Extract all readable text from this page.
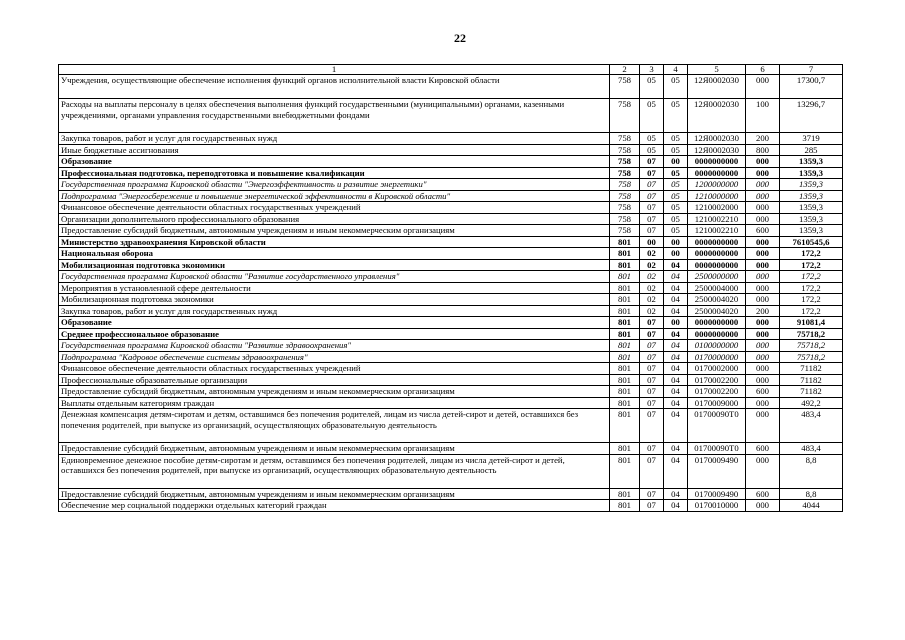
22
1	2	3	4	5	6	7
Учреждения, осуществляющие обеспечение исполнения функций органов исполнительной власти Кировской области	758	05	05	12Я0002030	000	17300,7
Расходы на выплаты персоналу в целях обеспечения выполнения функций государственными (муниципальными) органами, казенными учреждениями, органами управления государственными внебюджетными фондами	758	05	05	12Я0002030	100	13296,7
Закупка товаров, работ и услуг для государственных нужд	758	05	05	12Я0002030	200	3719
Иные бюджетные ассигнования	758	05	05	12Я0002030	800	285
Образование	758	07	00	0000000000	000	1359,3
Профессиональная подготовка, переподготовка и повышение квалификации	758	07	05	0000000000	000	1359,3
Государственная программа Кировской области "Энергоэффективность и развитие энергетики"	758	07	05	1200000000	000	1359,3
Подпрограмма "Энергосбережение и повышение энергетической эффективности в Кировской области"	758	07	05	1210000000	000	1359,3
Финансовое обеспечение деятельности областных государственных учреждений	758	07	05	1210002000	000	1359,3
Организации дополнительного профессионального образования	758	07	05	1210002210	000	1359,3
Предоставление субсидий бюджетным, автономным учреждениям и иным некоммерческим организациям	758	07	05	1210002210	600	1359,3
Министерство здравоохранения Кировской области	801	00	00	0000000000	000	7610545,6
Национальная оборона	801	02	00	0000000000	000	172,2
Мобилизационная подготовка экономики	801	02	04	0000000000	000	172,2
Государственная программа Кировской области "Развитие государственного управления"	801	02	04	2500000000	000	172,2
Мероприятия в установленной сфере деятельности	801	02	04	2500004000	000	172,2
Мобилизационная подготовка экономики	801	02	04	2500004020	000	172,2
Закупка товаров, работ и услуг для государственных нужд	801	02	04	2500004020	200	172,2
Образование	801	07	00	0000000000	000	91081,4
Среднее профессиональное образование	801	07	04	0000000000	000	75718,2
Государственная программа Кировской области "Развитие здравоохранения"	801	07	04	0100000000	000	75718,2
Подпрограмма "Кадровое обеспечение системы здравоохранения"	801	07	04	0170000000	000	75718,2
Финансовое обеспечение деятельности областных государственных учреждений	801	07	04	0170002000	000	71182
Профессиональные образовательные организации	801	07	04	0170002200	000	71182
Предоставление субсидий бюджетным, автономным учреждениям и иным некоммерческим организациям	801	07	04	0170002200	600	71182
Выплаты отдельным категориям граждан	801	07	04	0170009000	000	492,2
Денежная компенсация детям-сиротам и детям, оставшимся без попечения родителей, лицам из числа детей-сирот и детей, оставшихся без попечения родителей, при выпуске из организаций, осуществляющих образовательную деятельность	801	07	04	01700090Т0	000	483,4
Предоставление субсидий бюджетным, автономным учреждениям и иным некоммерческим организациям	801	07	04	01700090Т0	600	483,4
Единовременное денежное пособие детям-сиротам и детям, оставшимся без попечения родителей, лицам из числа детей-сирот и детей, оставшихся без попечения родителей, при выпуске из организаций, осуществляющих образовательную деятельность	801	07	04	0170009490	000	8,8
Предоставление субсидий бюджетным, автономным учреждениям и иным некоммерческим организациям	801	07	04	0170009490	600	8,8
Обеспечение мер социальной поддержки отдельных категорий граждан	801	07	04	0170010000	000	4044
